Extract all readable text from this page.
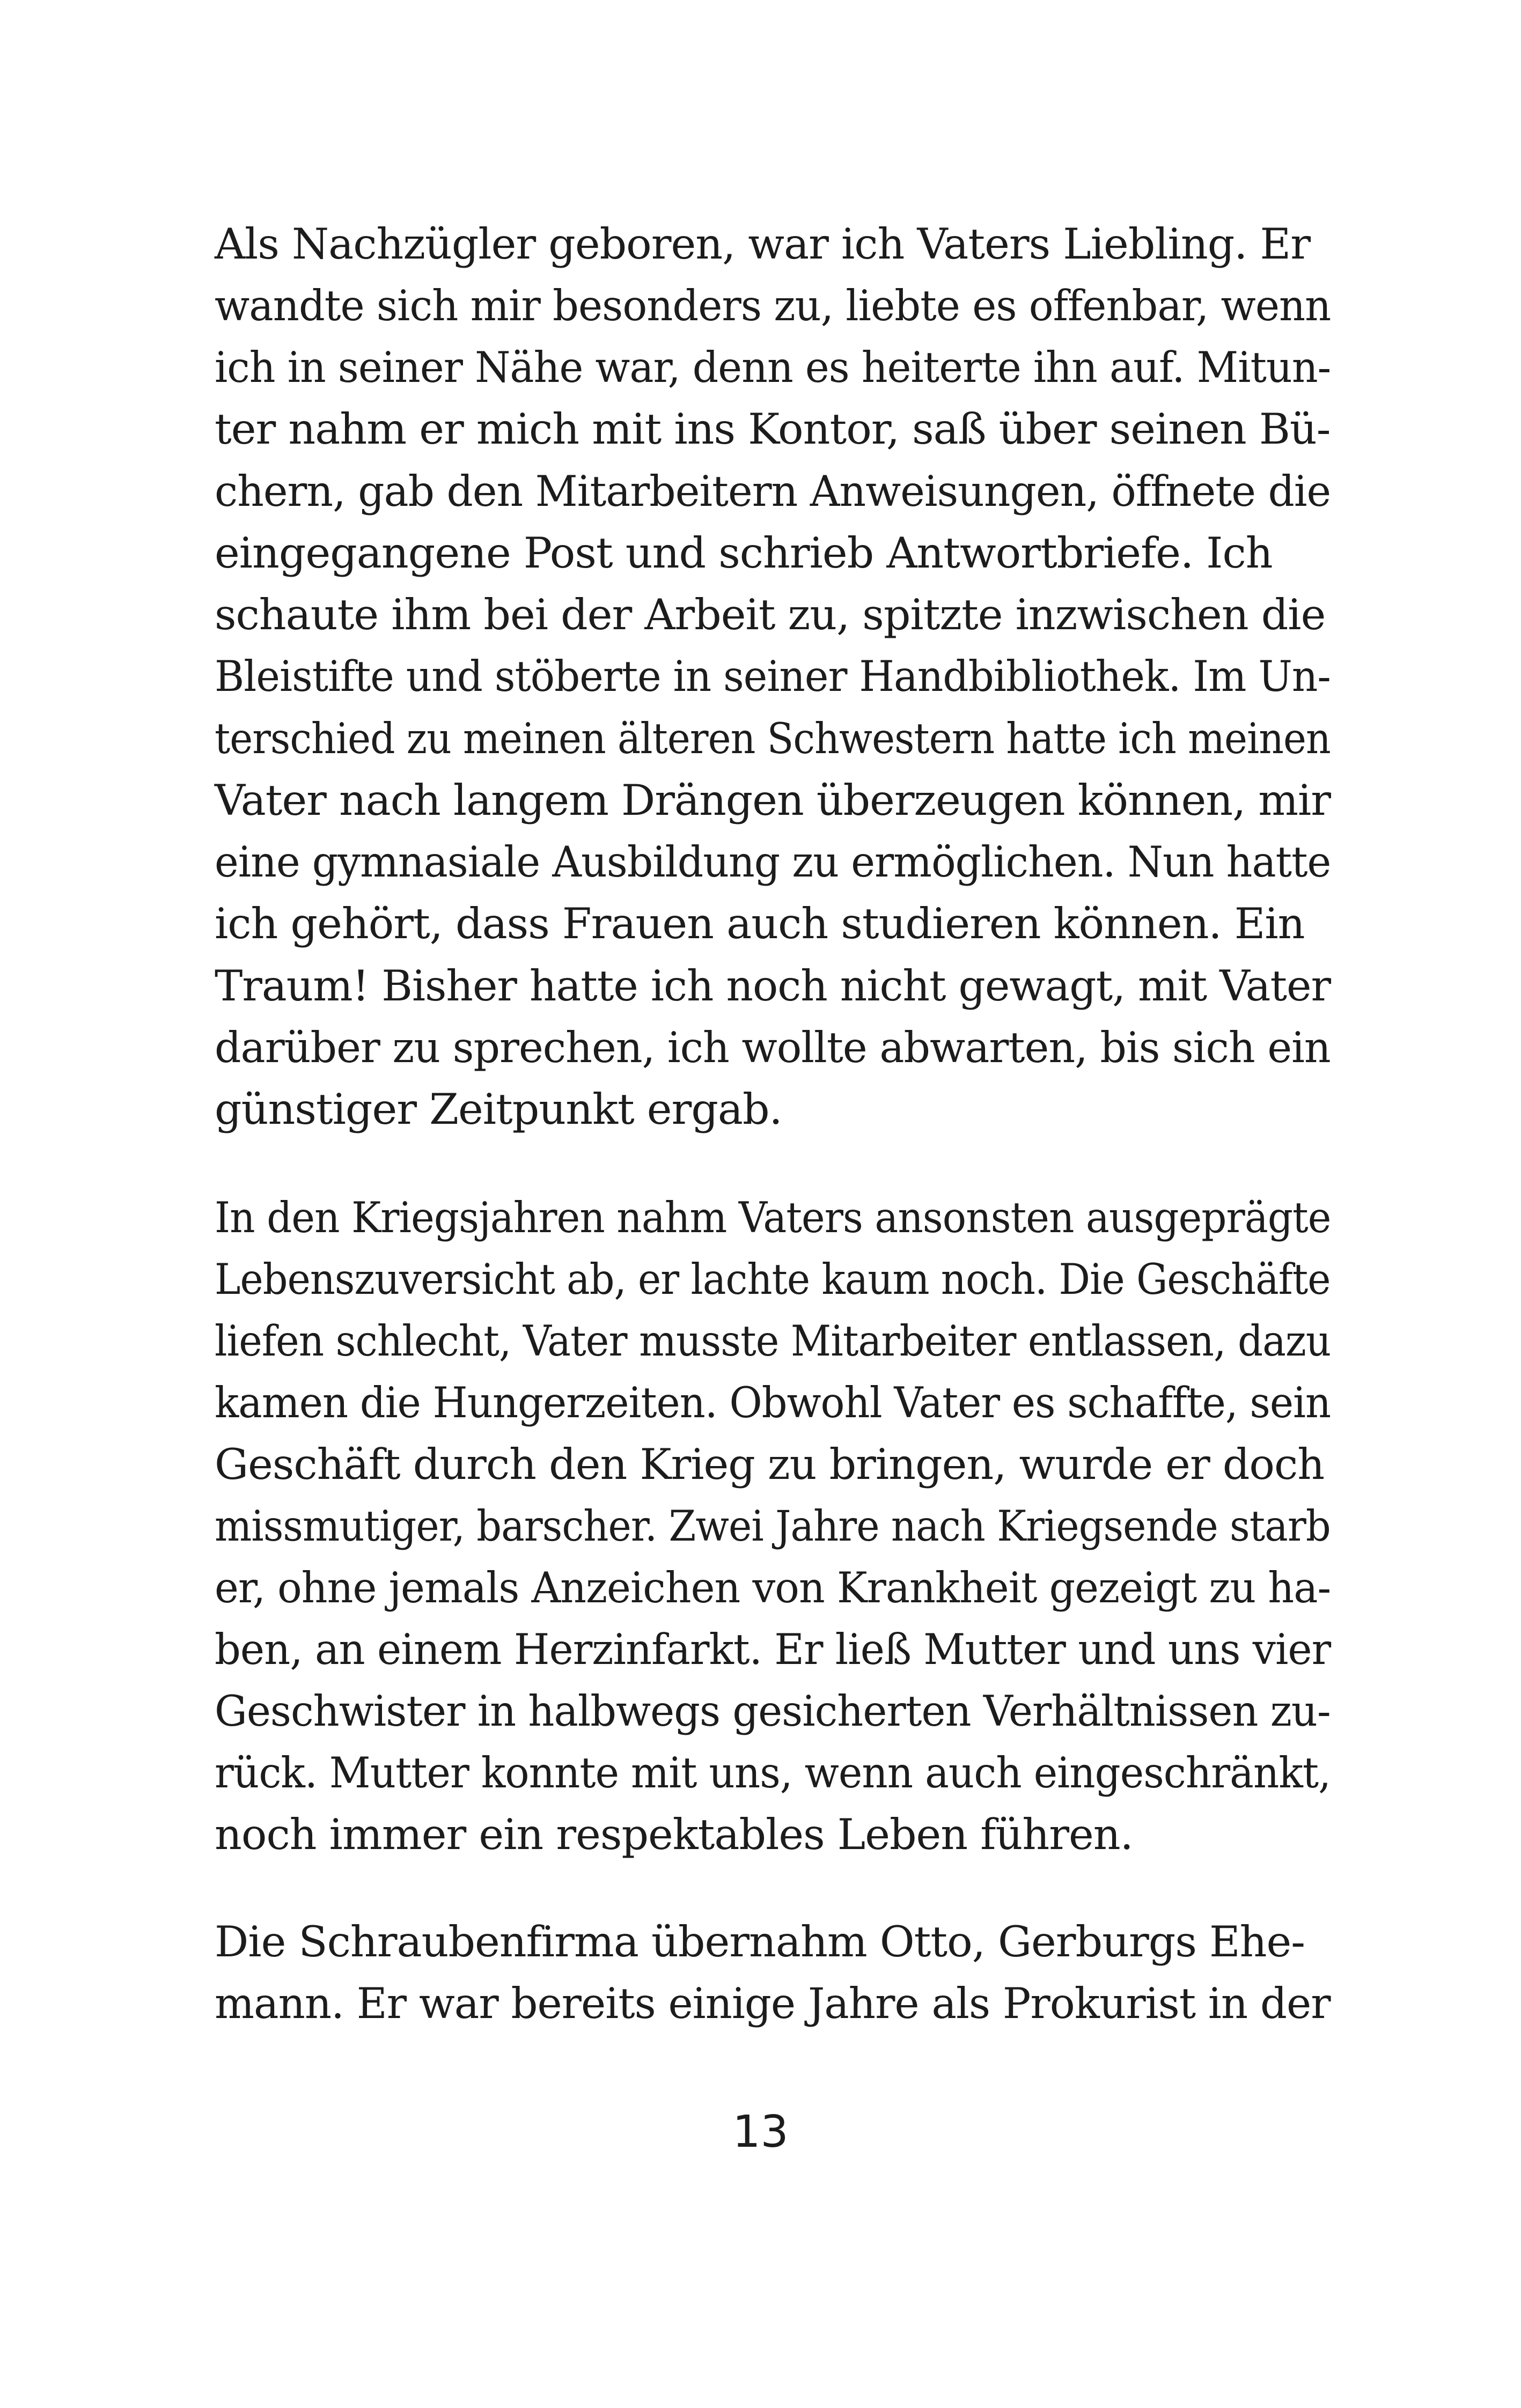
Als Nachzügler geboren, war ich Vaters Liebling. Er

wandte sich mir besonders zu, liebte es offenbar, wenn

ich in seiner Nähe war, denn es heiterte ihn auf. Mitun-

ter nahm er mich mit ins Kontor, saß über seinen Bü-

chern, gab den Mitarbeitern Anweisungen, öffnete die

eingegangene Post und schrieb Antwortbriefe. Ich

schaute ihm bei der Arbeit zu, spitzte inzwischen die

Bleistifte und stöberte in seiner Handbibliothek. Im Un-

terschied zu meinen älteren Schwestern hatte ich meinen

Vater nach langem Drängen überzeugen können, mir

eine gymnasiale Ausbildung zu ermöglichen. Nun hatte

ich gehört, dass Frauen auch studieren können. Ein

Traum! Bisher hatte ich noch nicht gewagt, mit Vater

darüber zu sprechen, ich wollte abwarten, bis sich ein

günstiger Zeitpunkt ergab.

In den Kriegsjahren nahm Vaters ansonsten ausgeprägte

Lebenszuversicht ab, er lachte kaum noch. Die Geschäfte

liefen schlecht, Vater musste Mitarbeiter entlassen, dazu

kamen die Hungerzeiten. Obwohl Vater es schaffte, sein

Geschäft durch den Krieg zu bringen, wurde er doch

missmutiger, barscher. Zwei Jahre nach Kriegsende starb

er, ohne jemals Anzeichen von Krankheit gezeigt zu ha-

ben, an einem Herzinfarkt. Er ließ Mutter und uns vier

Geschwister in halbwegs gesicherten Verhältnissen zu-

rück. Mutter konnte mit uns, wenn auch eingeschränkt,

noch immer ein respektables Leben führen.

Die Schraubenfirma übernahm Otto, Gerburgs Ehe-

mann. Er war bereits einige Jahre als Prokurist in der

13
